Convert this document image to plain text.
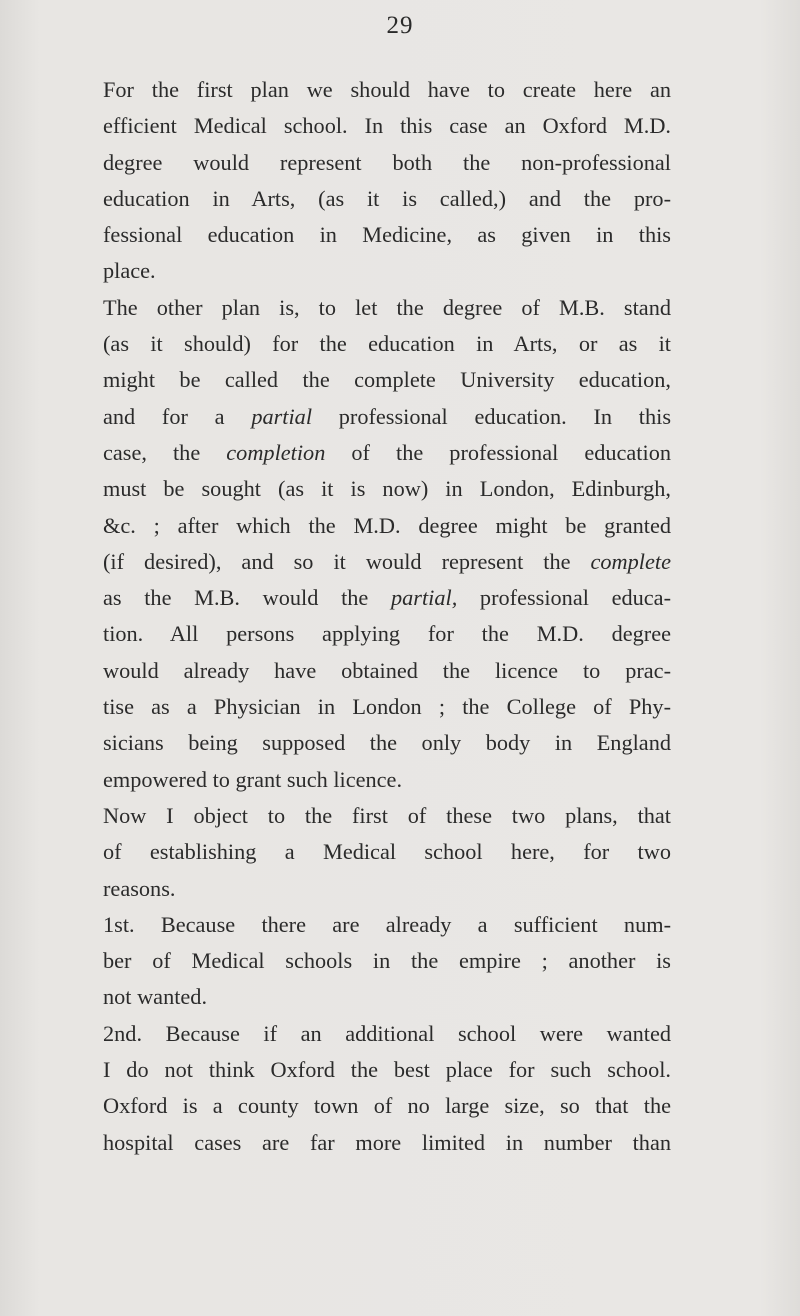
29
For the first plan we should have to create here an
efficient Medical school. In this case an Oxford M.D.
degree would represent both the non-professional
education in Arts, (as it is called,) and the pro-
fessional education in Medicine, as given in this
place.
The other plan is, to let the degree of M.B. stand
(as it should) for the education in Arts, or as it
might be called the complete University education,
and for a partial professional education. In this
case, the completion of the professional education
must be sought (as it is now) in London, Edinburgh,
&c. ; after which the M.D. degree might be granted
(if desired), and so it would represent the complete
as the M.B. would the partial, professional educa-
tion. All persons applying for the M.D. degree
would already have obtained the licence to prac-
tise as a Physician in London ; the College of Phy-
sicians being supposed the only body in England
empowered to grant such licence.
Now I object to the first of these two plans, that
of establishing a Medical school here, for two
reasons.
1st. Because there are already a sufficient num-
ber of Medical schools in the empire ; another is
not wanted.
2nd. Because if an additional school were wanted
I do not think Oxford the best place for such school.
Oxford is a county town of no large size, so that the
hospital cases are far more limited in number than
